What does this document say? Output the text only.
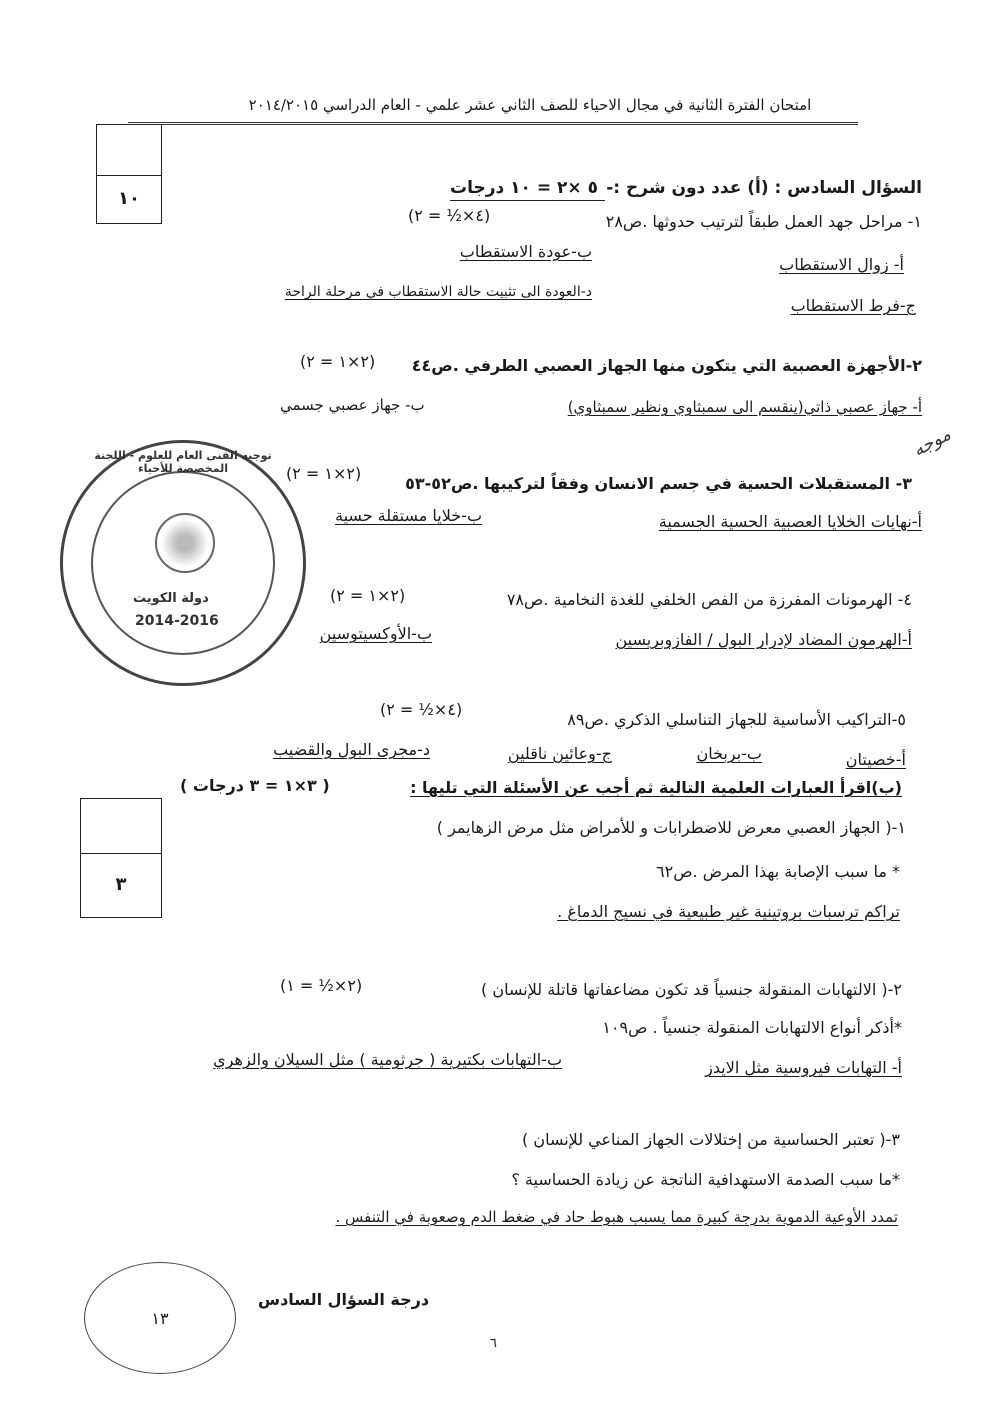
امتحان الفترة الثانية في مجال الاحياء للصف الثاني عشر علمي - العام الدراسي ٢٠١٤/٢٠١٥
١٠	السؤال السادس : (أ) عدد دون شرح :-
٥ ×٢ = ١٠ درجات
١- مراحل جهد العمل طبقاً لترتيب حدوثها .ص٢٨
(٤×½ = ٢)
أ- زوال الاستقطاب
ب-عودة الاستقطاب
ج-فرط الاستقطاب
د-العودة الى تثبيت حالة الاستقطاب في مرحلة الراحة
٢-الأجهزة العصبية التي يتكون منها الجهاز العصبي الطرفي .ص٤٤
(٢×١ = ٢)
أ- جهاز عصبي ذاتي(ينقسم الى سمبثاوي ونظير سمبثاوي)
ب- جهاز عصبي جسمي
موجه
٣- المستقبلات الحسية في جسم الانسان وفقاً لتركيبها .ص٥٢-٥٣
(٢×١ = ٢)
أ-نهايات الخلايا العصبية الحسية الجسمية
ب-خلايا مستقلة حسية
دولة الكويت
2014-2016
توجيه الفنى العام للعلوم - اللجنة المخصصة للأحياء
٤- الهرمونات المفرزة من الفص الخلفي للغدة النخامية .ص٧٨
(٢×١ = ٢)
أ-الهرمون المضاد لإدرار البول / الفازوبريسين
ب-الأوكسيتوسين
٥-التراكيب الأساسية للجهاز التناسلي الذكري .ص٨٩
(٤×½ = ٢)
أ-خصيتان
ب-بربخان
ج-وعائين ناقلين
د-مجرى البول والقضيب
(ب)اقرأ العبارات العلمية التالية ثم أجب عن الأسئلة التي تليها :
( ٣×١ = ٣ درجات )
٣
١-( الجهاز العصبي معرض للاضطرابات و للأمراض مثل مرض الزهايمر )
* ما سبب الإصابة بهذا المرض .ص٦٢
تراكم ترسبات بروتينية غير طبيعية في نسيج الدماغ .
٢-( الالتهابات المنقولة جنسياً قد تكون مضاعفاتها قاتلة للإنسان )
(٢×½ = ١)
*أذكر أنواع الالتهابات المنقولة جنسياً . ص١٠٩
أ- التهابات فيروسية مثل الايدز
ب-التهابات بكتيرية ( جرثومية ) مثل السيلان والزهري
٣-( تعتبر الحساسية من إختلالات الجهاز المناعي للإنسان )
*ما سبب الصدمة الاستهدافية الناتجة عن زيادة الحساسية ؟
تمدد الأوعية الدموية بدرجة كبيرة مما يسبب هبوط حاد في ضغط الدم وصعوبة في التنفس .
١٣
درجة السؤال السادس
٦
